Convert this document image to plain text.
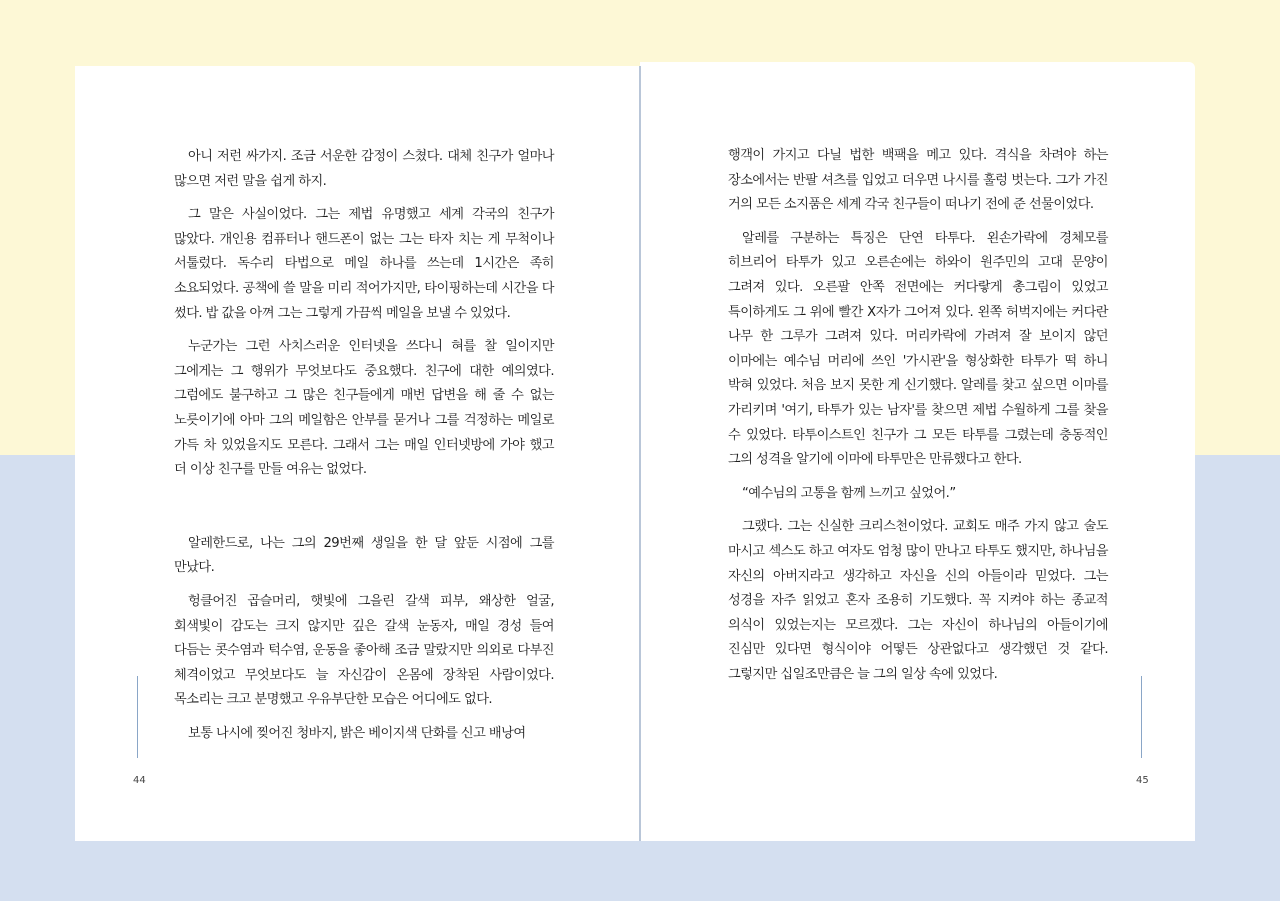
아니 저런 싸가지. 조금 서운한 감정이 스쳤다. 대체 친구가 얼마나 많으면 저런 말을 쉽게 하지.

그 말은 사실이었다. 그는 제법 유명했고 세계 각국의 친구가 많았다. 개인용 컴퓨터나 핸드폰이 없는 그는 타자 치는 게 무척이나 서툴렀다. 독수리 타법으로 메일 하나를 쓰는데 1시간은 족히 소요되었다. 공책에 쓸 말을 미리 적어가지만, 타이핑하는데 시간을 다 썼다. 밥 값을 아껴 그는 그렇게 가끔씩 메일을 보낼 수 있었다.

누군가는 그런 사치스러운 인터넷을 쓰다니 혀를 찰 일이지만 그에게는 그 행위가 무엇보다도 중요했다. 친구에 대한 예의였다. 그럼에도 불구하고 그 많은 친구들에게 매번 답변을 해 줄 수 없는 노릇이기에 아마 그의 메일함은 안부를 묻거나 그를 걱정하는 메일로 가득 차 있었을지도 모른다. 그래서 그는 매일 인터넷방에 가야 했고 더 이상 친구를 만들 여유는 없었다.

알레한드로, 나는 그의 29번째 생일을 한 달 앞둔 시점에 그를 만났다.

헝클어진 곱슬머리, 햇빛에 그을린 갈색 피부, 왜상한 얼굴, 회색빛이 감도는 크지 않지만 깊은 갈색 눈동자, 매일 경성 들여 다듬는 콧수염과 턱수염, 운동을 좋아해 조금 말랐지만 의외로 다부진 체격이었고 무엇보다도 늘 자신감이 온몸에 장착된 사람이었다. 목소리는 크고 분명했고 우유부단한 모습은 어디에도 없다.

보통 나시에 찢어진 청바지, 밝은 베이지색 단화를 신고 배낭여

행객이 가지고 다닐 법한 백팩을 메고 있다. 격식을 차려야 하는 장소에서는 반팔 셔츠를 입었고 더우면 나시를 훌렁 벗는다. 그가 가진 거의 모든 소지품은 세계 각국 친구들이 떠나기 전에 준 선물이었다.

알레를 구분하는 특징은 단연 타투다. 왼손가락에 경체모를 히브리어 타투가 있고 오른손에는 하와이 원주민의 고대 문양이 그려져 있다. 오른팔 안쪽 전면에는 커다랗게 총그림이 있었고 특이하게도 그 위에 빨간 X자가 그어져 있다. 왼쪽 허벅지에는 커다란 나무 한 그루가 그려져 있다. 머리카락에 가려져 잘 보이지 않던 이마에는 예수님 머리에 쓰인 '가시관'을 형상화한 타투가 떡 하니 박혀 있었다. 처음 보지 못한 게 신기했다. 알레를 찾고 싶으면 이마를 가리키며 '여기, 타투가 있는 남자'를 찾으면 제법 수월하게 그를 찾을 수 있었다. 타투이스트인 친구가 그 모든 타투를 그렸는데 충동적인 그의 성격을 알기에 이마에 타투만은 만류했다고 한다.

“예수님의 고통을 함께 느끼고 싶었어.”

그랬다. 그는 신실한 크리스천이었다. 교회도 매주 가지 않고 술도 마시고 섹스도 하고 여자도 엄청 많이 만나고 타투도 했지만, 하나님을 자신의 아버지라고 생각하고 자신을 신의 아들이라 믿었다. 그는 성경을 자주 읽었고 혼자 조용히 기도했다. 꼭 지켜야 하는 종교적 의식이 있었는지는 모르겠다. 그는 자신이 하나님의 아들이기에 진심만 있다면 형식이야 어떻든 상관없다고 생각했던 것 같다. 그렇지만 십일조만큼은 늘 그의 일상 속에 있었다.

44	45
